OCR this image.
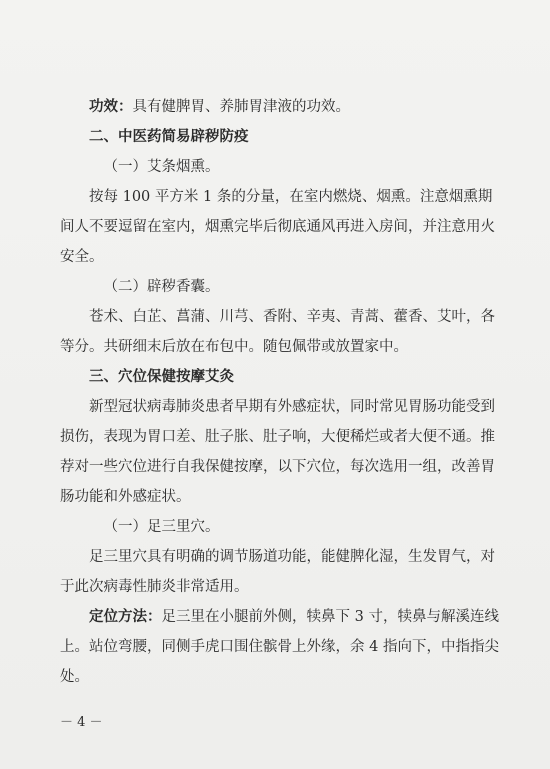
功效：具有健脾胃、养肺胃津液的功效。

二、中医药简易辟秽防疫

（一）艾条烟熏。

按每 100 平方米 1 条的分量，在室内燃烧、烟熏。注意烟熏期间人不要逗留在室内，烟熏完毕后彻底通风再进入房间，并注意用火安全。

（二）辟秽香囊。

苍术、白芷、菖蒲、川芎、香附、辛夷、青蒿、藿香、艾叶，各等分。共研细末后放在布包中。随包佩带或放置家中。

三、穴位保健按摩艾灸

新型冠状病毒肺炎患者早期有外感症状，同时常见胃肠功能受到损伤，表现为胃口差、肚子胀、肚子响，大便稀烂或者大便不通。推荐对一些穴位进行自我保健按摩，以下穴位，每次选用一组，改善胃肠功能和外感症状。

（一）足三里穴。

足三里穴具有明确的调节肠道功能，能健脾化湿，生发胃气，对于此次病毒性肺炎非常适用。

定位方法：足三里在小腿前外侧，犊鼻下 3 寸，犊鼻与解溪连线上。站位弯腰，同侧手虎口围住髌骨上外缘，余 4 指向下，中指指尖处。

－ 4 －
